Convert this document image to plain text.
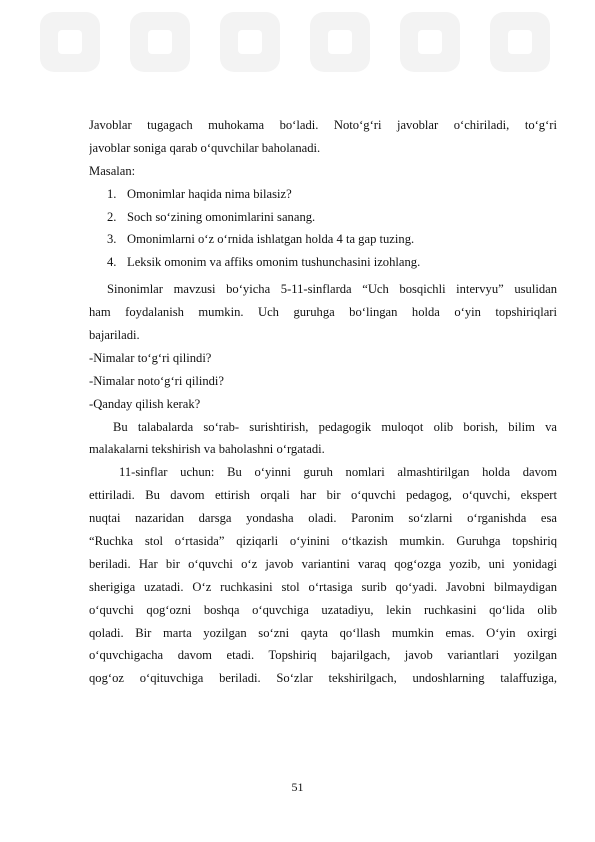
Javoblar tugagach muhokama bo‘ladi. Noto‘g‘ri javoblar o‘chiriladi, to‘g‘ri
javoblar soniga qarab o‘quvchilar baholanadi.
Masalan:
1. Omonimlar haqida nima bilasiz?
2. Soch so‘zining omonimlarini sanang.
3. Omonimlarni o‘z o‘rnida ishlatgan holda 4 ta gap tuzing.
4. Leksik omonim va affiks omonim tushunchasini izohlang.
Sinonimlar mavzusi bo‘yicha 5-11-sinflarda “Uch bosqichli intervyu” usulidan
ham foydalanish mumkin. Uch guruhga bo‘lingan holda o‘yin topshiriqlari
bajariladi.
-Nimalar to‘g‘ri qilindi?
-Nimalar noto‘g‘ri qilindi?
-Qanday qilish kerak?
Bu talabalarda so‘rab- surishtirish, pedagogik muloqot olib borish, bilim va
malakalarni tekshirish va baholashni o‘rgatadi.
11-sinflar uchun: Bu o‘yinni guruh nomlari almashtirilgan holda davom
ettiriladi. Bu davom ettirish orqali har bir o‘quvchi pedagog, o‘quvchi, ekspert
nuqtai nazaridan darsga yondasha oladi. Paronim so‘zlarni o‘rganishda esa
“Ruchka stol o‘rtasida” qiziqarli o‘yinini o‘tkazish mumkin. Guruhga topshiriq
beriladi. Har bir o‘quvchi o‘z javob variantini varaq qog‘ozga yozib, uni yonidagi
sherigiga uzatadi. O‘z ruchkasini stol o‘rtasiga surib qo‘yadi. Javobni bilmaydigan
o‘quvchi qog‘ozni boshqa o‘quvchiga uzatadiyu, lekin ruchkasini qo‘lida olib
qoladi. Bir marta yozilgan so‘zni qayta qo‘llash mumkin emas. O‘yin oxirgi
o‘quvchigacha davom etadi. Topshiriq bajarilgach, javob variantlari yozilgan
qog‘oz o‘qituvchiga beriladi. So‘zlar tekshirilgach, undoshlarning talaffuziga,
51
